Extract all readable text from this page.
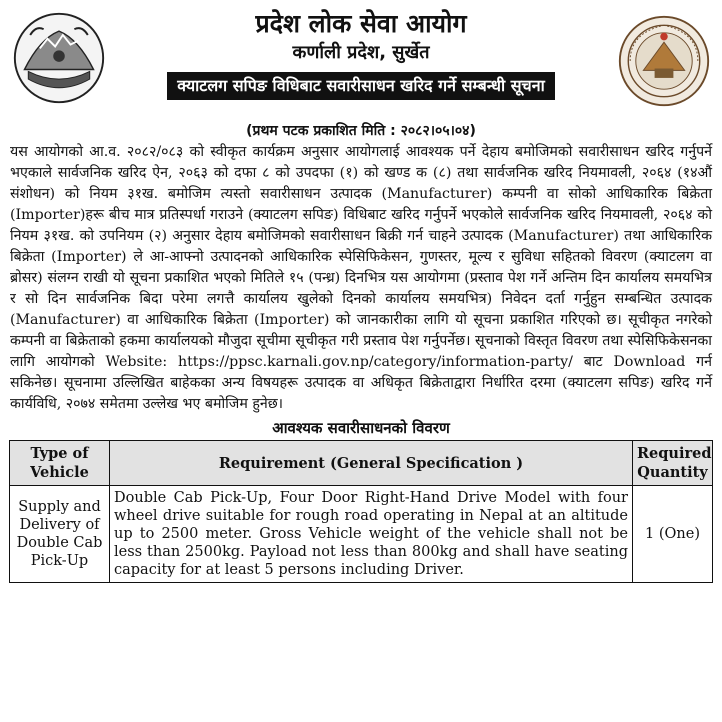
प्रदेश लोक सेवा आयोग
कर्णाली प्रदेश, सुर्खेत
क्याटलग सपिङ विधिबाट सवारीसाधन खरिद गर्ने सम्बन्धी सूचना
(प्रथम पटक प्रकाशित मिति : २०८२।०५।०४)

यस आयोगको आ.व. २०८२/०८३ को स्वीकृत कार्यक्रम अनुसार आयोगलाई आवश्यक पर्ने देहाय बमोजिमको सवारीसाधन खरिद गर्नुपर्ने भएकाले सार्वजनिक खरिद ऐन, २०६३ को दफा ८ को उपदफा (१) को खण्ड क (८) तथा सार्वजनिक खरिद नियमावली, २०६४ (१४औं संशोधन) को नियम ३१ख. बमोजिम त्यस्तो सवारीसाधन उत्पादक (Manufacturer) कम्पनी वा सोको आधिकारिक बिक्रेता (Importer)हरू बीच मात्र प्रतिस्पर्धा गराउने (क्याटलग सपिङ) विधिबाट खरिद गर्नुपर्ने भएकोले सार्वजनिक खरिद नियमावली, २०६४ को नियम ३१ख. को उपनियम (२) अनुसार देहाय बमोजिमको सवारीसाधन बिक्री गर्न चाहने उत्पादक (Manufacturer) तथा आधिकारिक बिक्रेता (Importer) ले आ-आफ्नो उत्पादनको आधिकारिक स्पेसिफिकेसन, गुणस्तर, मूल्य र सुविधा सहितको विवरण (क्याटलग वा ब्रोसर) संलग्न राखी यो सूचना प्रकाशित भएको मितिले १५ (पन्ध्र) दिनभित्र यस आयोगमा (प्रस्ताव पेश गर्ने अन्तिम दिन कार्यालय समयभित्र र सो दिन सार्वजनिक बिदा परेमा लगत्तै कार्यालय खुलेको दिनको कार्यालय समयभित्र) निवेदन दर्ता गर्नुहुन सम्बन्धित उत्पादक (Manufacturer) वा आधिकारिक बिक्रेता (Importer) को जानकारीका लागि यो सूचना प्रकाशित गरिएको छ। सूचीकृत नगरेको कम्पनी वा बिक्रेताको हकमा कार्यालयको मौजुदा सूचीमा सूचीकृत गरी प्रस्ताव पेश गर्नुपर्नेछ। सूचनाको विस्तृत विवरण तथा स्पेसिफिकेसनका लागि आयोगको Website: https://ppsc.karnali.gov.np/category/information-party/ बाट Download गर्न सकिनेछ। सूचनामा उल्लिखित बाहेकका अन्य विषयहरू उत्पादक वा अधिकृत बिक्रेताद्वारा निर्धारित दरमा (क्याटलग सपिङ) खरिद गर्ने कार्यविधि, २०७४ समेतमा उल्लेख भए बमोजिम हुनेछ।

आवश्यक सवारीसाधनको विवरण
Type of Vehicle	Requirement (General Specification )	Required Quantity
Supply and Delivery of Double Cab Pick-Up	Double Cab Pick-Up, Four Door Right-Hand Drive Model with four wheel drive suitable for rough road operating in Nepal at an altitude up to 2500 meter. Gross Vehicle weight of the vehicle shall not be less than 2500kg. Payload not less than 800kg and shall have seating capacity for at least 5 persons including Driver.	1 (One)
